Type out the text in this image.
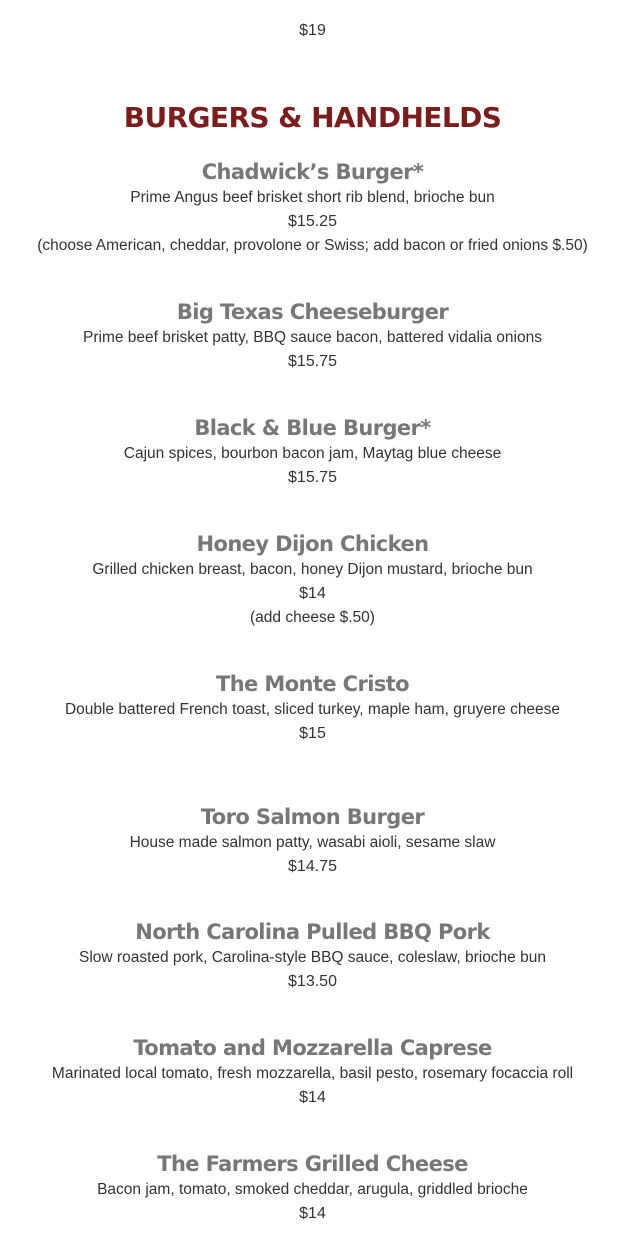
$19
BURGERS & HANDHELDS
Chadwick’s Burger*
Prime Angus beef brisket short rib blend, brioche bun
$15.25
(choose American, cheddar, provolone or Swiss; add bacon or fried onions $.50)
Big Texas Cheeseburger
Prime beef brisket patty, BBQ sauce bacon, battered vidalia onions
$15.75
Black & Blue Burger*
Cajun spices, bourbon bacon jam, Maytag blue cheese
$15.75
Honey Dijon Chicken
Grilled chicken breast, bacon, honey Dijon mustard, brioche bun
$14
(add cheese $.50)
The Monte Cristo
Double battered French toast, sliced turkey, maple ham, gruyere cheese
$15
Toro Salmon Burger
House made salmon patty, wasabi aioli, sesame slaw
$14.75
North Carolina Pulled BBQ Pork
Slow roasted pork, Carolina-style BBQ sauce, coleslaw, brioche bun
$13.50
Tomato and Mozzarella Caprese
Marinated local tomato, fresh mozzarella, basil pesto, rosemary focaccia roll
$14
The Farmers Grilled Cheese
Bacon jam, tomato, smoked cheddar, arugula, griddled brioche
$14
